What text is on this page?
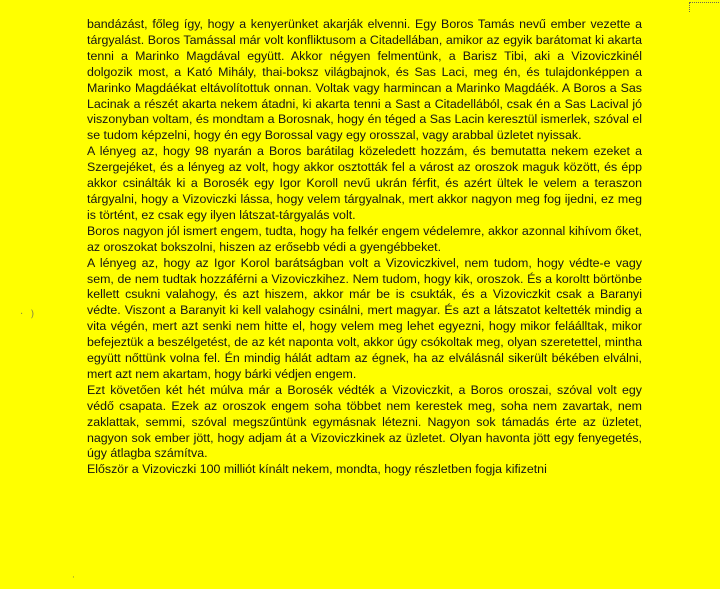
bandázást, főleg így, hogy a kenyerünket akarják elvenni. Egy Boros Tamás nevű ember vezette a tárgyalást. Boros Tamással már volt konfliktusom a Citadellában, amikor az egyik barátomat ki akarta tenni a Marinko Magdával együtt. Akkor négyen felmentünk, a Barisz Tibi, aki a Vizoviczkinél dolgozik most, a Kató Mihály, thai-boksz világbajnok, és Sas Laci, meg én, és tulajdonképpen a Marinko Magdáékat eltávolítottuk onnan. Voltak vagy harmincan a Marinko Magdáék. A Boros a Sas Lacinak a részét akarta nekem átadni, ki akarta tenni a Sast a Citadellából, csak én a Sas Lacival jó viszonyban voltam, és mondtam a Borosnak, hogy én téged a Sas Lacin keresztül ismerlek, szóval el se tudom képzelni, hogy én egy Borossal vagy egy orosszal, vagy arabbal üzletet nyissak.

A lényeg az, hogy 98 nyarán a Boros barátilag közeledett hozzám, és bemutatta nekem ezeket a Szergejéket, és a lényeg az volt, hogy akkor osztották fel a várost az oroszok maguk között, és épp akkor csinálták ki a Borosék egy Igor Koroll nevű ukrán férfit, és azért ültek le velem a teraszon tárgyalni, hogy a Vizoviczki lássa, hogy velem tárgyalnak, mert akkor nagyon meg fog ijedni, ez meg is történt, ez csak egy ilyen látszat-tárgyalás volt.

Boros nagyon jól ismert engem, tudta, hogy ha felkér engem védelemre, akkor azonnal kihívom őket, az oroszokat bokszolni, hiszen az erősebb védi a gyengébbeket.

A lényeg az, hogy az Igor Korol barátságban volt a Vizoviczkivel, nem tudom, hogy védte-e vagy sem, de nem tudtak hozzáférni a Vizoviczkihez. Nem tudom, hogy kik, oroszok. És a koroltt börtönbe kellett csukni valahogy, és azt hiszem, akkor már be is csukták, és a Vizoviczkit csak a Baranyi védte. Viszont a Baranyit ki kell valahogy csinálni, mert magyar. És azt a látszatot keltették mindig a vita végén, mert azt senki nem hitte el, hogy velem meg lehet egyezni, hogy mikor feláálltak, mikor befejeztük a beszélgetést, de az két naponta volt, akkor úgy csókoltak meg, olyan szeretettel, mintha együtt nőttünk volna fel. Én mindig hálát adtam az égnek, ha az elválásnál sikerült békében elválni, mert azt nem akartam, hogy bárki védjen engem.

Ezt követően két hét múlva már a Borosék védték a Vizoviczkit, a Boros oroszai, szóval volt egy védő csapata. Ezek az oroszok engem soha többet nem kerestek meg, soha nem zavartak, nem zaklattak, semmi, szóval megszűntünk egymásnak létezni. Nagyon sok támadás érte az üzletet, nagyon sok ember jött, hogy adjam át a Vizoviczkinek az üzletet. Olyan havonta jött egy fenyegetés, úgy átlagba számítva.

Először a Vizoviczki 100 milliót kínált nekem, mondta, hogy részletben fogja kifizetni

· )
·
